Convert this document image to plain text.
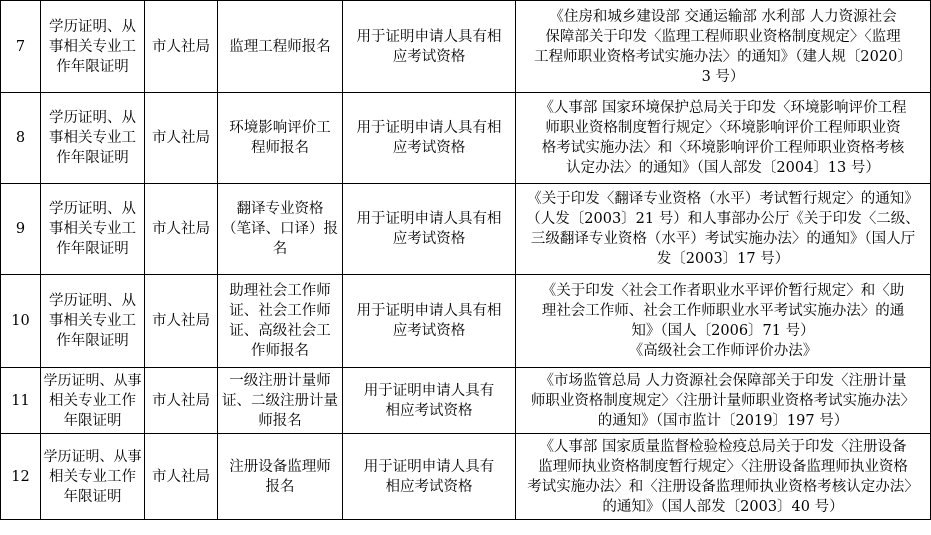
7	学历证明、从
事相关专业工
作年限证明	市人社局	监理工程师报名	用于证明申请人具有相
应考试资格	《住房和城乡建设部 交通运输部 水利部 人力资源社会
保障部关于印发〈监理工程师职业资格制度规定〉〈监理
工程师职业资格考试实施办法〉的通知》（建人规〔2020〕
3 号）

8	学历证明、从
事相关专业工
作年限证明	市人社局	环境影响评价工
程师报名	用于证明申请人具有相
应考试资格	《人事部 国家环境保护总局关于印发〈环境影响评价工程
师职业资格制度暂行规定〉〈环境影响评价工程师职业资
格考试实施办法〉和〈环境影响评价工程师职业资格考核
认定办法〉的通知》（国人部发〔2004〕13 号）

9	学历证明、从
事相关专业工
作年限证明	市人社局	翻译专业资格
（笔译、口译）报
名	用于证明申请人具有相
应考试资格	《关于印发〈翻译专业资格（水平）考试暂行规定〉的通知》
（人发〔2003〕21 号）和人事部办公厅《关于印发〈二级、
三级翻译专业资格（水平）考试实施办法〉的通知》（国人厅
发〔2003〕17 号）

10	学历证明、从
事相关专业工
作年限证明	市人社局	助理社会工作师
证、社会工作师
证、高级社会工
作师报名	用于证明申请人具有相
应考试资格	《关于印发〈社会工作者职业水平评价暂行规定〉和〈助
理社会工作师、社会工作师职业水平考试实施办法〉的通
知》（国人〔2006〕71 号）
《高级社会工作师评价办法》

11	学历证明、从事
相关专业工作
年限证明	市人社局	一级注册计量师
证、二级注册计量
师报名	用于证明申请人具有
相应考试资格	《市场监管总局 人力资源社会保障部关于印发〈注册计量
师职业资格制度规定〉〈注册计量师职业资格考试实施办法〉
的通知》（国市监计〔2019〕197 号）

12	学历证明、从事
相关专业工作
年限证明	市人社局	注册设备监理师
报名	用于证明申请人具有
相应考试资格	《人事部 国家质量监督检验检疫总局关于印发〈注册设备
监理师执业资格制度暂行规定〉〈注册设备监理师执业资格
考试实施办法〉和〈注册设备监理师执业资格考核认定办法〉
的通知》（国人部发〔2003〕40 号）
